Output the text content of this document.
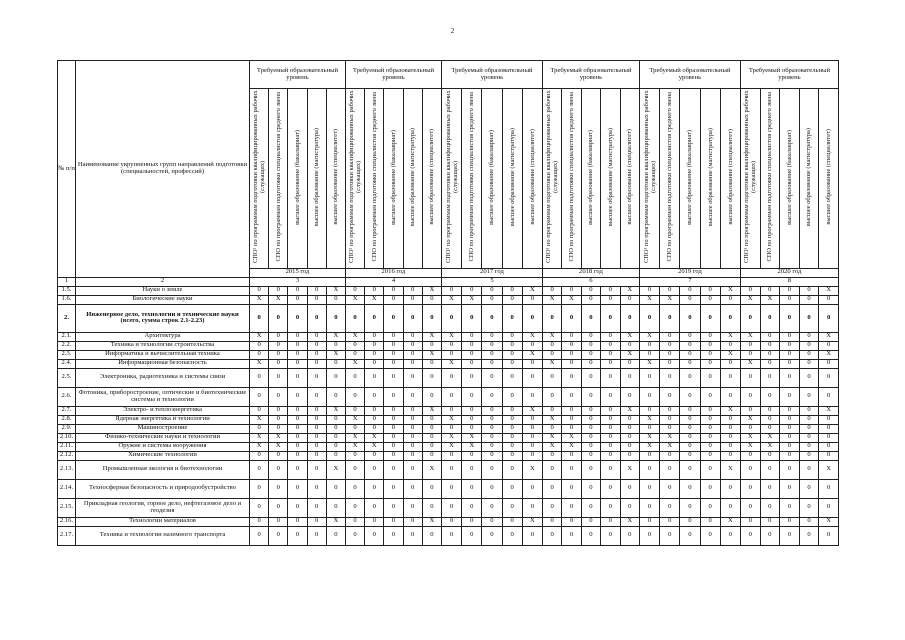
2
№ п/п	Наименование укрупненных групп направлений подготовки (специальностей, профессий)	Требуемый образовательный уровень					Требуемый образовательный уровень					Требуемый образовательный уровень					Требуемый образовательный уровень					Требуемый образовательный уровень					Требуемый образовательный уровень				
		СПО¹ по программам подготовки квалифицированных рабочих (служащих)	СПО по программам подготовки специалистов среднего звена	высшее образование (бакалавриат)	высшее образование (магистратура)	высшее образование (специалитет)	СПО¹ по программам подготовки квалифицированных рабочих (служащих)	СПО по программам подготовки специалистов среднего звена	высшее образование (бакалавриат)	высшее образование (магистратура)	высшее образование (специалитет)	СПО¹ по программам подготовки квалифицированных рабочих (служащих)	СПО по программам подготовки специалистов среднего звена	высшее образование (бакалавриат)	высшее образование (магистратура)	высшее образование (специалитет)	СПО¹ по программам подготовки квалифицированных рабочих (служащих)	СПО по программам подготовки специалистов среднего звена	высшее образование (бакалавриат)	высшее образование (магистратура)	высшее образование (специалитет)	СПО¹ по программам подготовки квалифицированных рабочих (служащих)	СПО по программам подготовки специалистов среднего звена	высшее образование (бакалавриат)	высшее образование (магистратура)	высшее образование (специалитет)	СПО¹ по программам подготовки квалифицированных рабочих (служащих)	СПО по программам подготовки специалистов среднего звена	высшее образование (бакалавриат)	высшее образование (магистратура)	высшее образование (специалитет)
		2015 год					2016 год					2017 год					2018 год					2019 год					2020 год				
1	2	3					4					5					6					7					8				
1.5.	Науки о земле	0	0	0	0	X	0	0	0	0	X	0	0	0	0	X	0	0	0	0	X	0	0	0	0	X	0	0	0	0	X
1.6.	Биологические науки	X	X	0	0	0	X	X	0	0	0	X	X	0	0	0	X	X	0	0	0	X	X	0	0	0	X	X	0	0	0
2.	Инженерное дело, технологии и технические науки (всего, сумма строк 2.1-2.23)	0	0	0	0	0	0	0	0	0	0	0	0	0	0	0	0	0	0	0	0	0	0	0	0	0	0	0	0	0	0
2.1.	Архитектура	X	0	0	0	X	X	0	0	0	X	X	0	0	0	X	X	0	0	0	X	X	0	0	0	X	X	0	0	0	X
2.2.	Техника и технологии строительства	0	0	0	0	0	0	0	0	0	0	0	0	0	0	0	0	0	0	0	0	0	0	0	0	0	0	0	0	0	0
2.3.	Информатика и вычислительная техника	0	0	0	0	X	0	0	0	0	X	0	0	0	0	X	0	0	0	0	X	0	0	0	0	X	0	0	0	0	X
2.4.	Информационная безопасность	X	0	0	0	0	X	0	0	0	0	X	0	0	0	0	X	0	0	0	0	X	0	0	0	0	X	0	0	0	0
2.5.	Электроника, радиотехника и системы связи	0	0	0	0	0	0	0	0	0	0	0	0	0	0	0	0	0	0	0	0	0	0	0	0	0	0	0	0	0	0
2.6.	Фотоника, приборостроение, оптические и биотехнические системы и технологии	0	0	0	0	0	0	0	0	0	0	0	0	0	0	0	0	0	0	0	0	0	0	0	0	0	0	0	0	0	0
2.7.	Электро- и теплоэнергетика	0	0	0	0	X	0	0	0	0	X	0	0	0	0	X	0	0	0	0	X	0	0	0	0	X	0	0	0	0	X
2.8.	Ядерная энергетика и технологии	X	0	0	0	0	X	0	0	0	0	X	0	0	0	0	X	0	0	0	0	X	0	0	0	0	X	0	0	0	0
2.9.	Машиностроение	0	0	0	0	0	0	0	0	0	0	0	0	0	0	0	0	0	0	0	0	0	0	0	0	0	0	0	0	0	0
2.10.	Физико-технические науки и технологии	X	X	0	0	0	X	X	0	0	0	X	X	0	0	0	X	X	0	0	0	X	X	0	0	0	X	X	0	0	0
2.11.	Оружие и системы вооружения	X	X	0	0	0	X	X	0	0	0	X	X	0	0	0	X	X	0	0	0	X	X	0	0	0	X	X	0	0	0
2.12.	Химические технологии	0	0	0	0	0	0	0	0	0	0	0	0	0	0	0	0	0	0	0	0	0	0	0	0	0	0	0	0	0	0
2.13.	Промышленная экология и биотехнологии	0	0	0	0	X	0	0	0	0	X	0	0	0	0	X	0	0	0	0	X	0	0	0	0	X	0	0	0	0	X
2.14.	Техносферная безопасность и природообустройство	0	0	0	0	0	0	0	0	0	0	0	0	0	0	0	0	0	0	0	0	0	0	0	0	0	0	0	0	0	0
2.15.	Прикладная геология, горное дело, нефтегазовое дело и геодезия	0	0	0	0	0	0	0	0	0	0	0	0	0	0	0	0	0	0	0	0	0	0	0	0	0	0	0	0	0	0
2.16.	Технологии материалов	0	0	0	0	X	0	0	0	0	X	0	0	0	0	X	0	0	0	0	X	0	0	0	0	X	0	0	0	0	X
2.17.	Техника и технологии наземного транспорта	0	0	0	0	0	0	0	0	0	0	0	0	0	0	0	0	0	0	0	0	0	0	0	0	0	0	0	0	0	0
